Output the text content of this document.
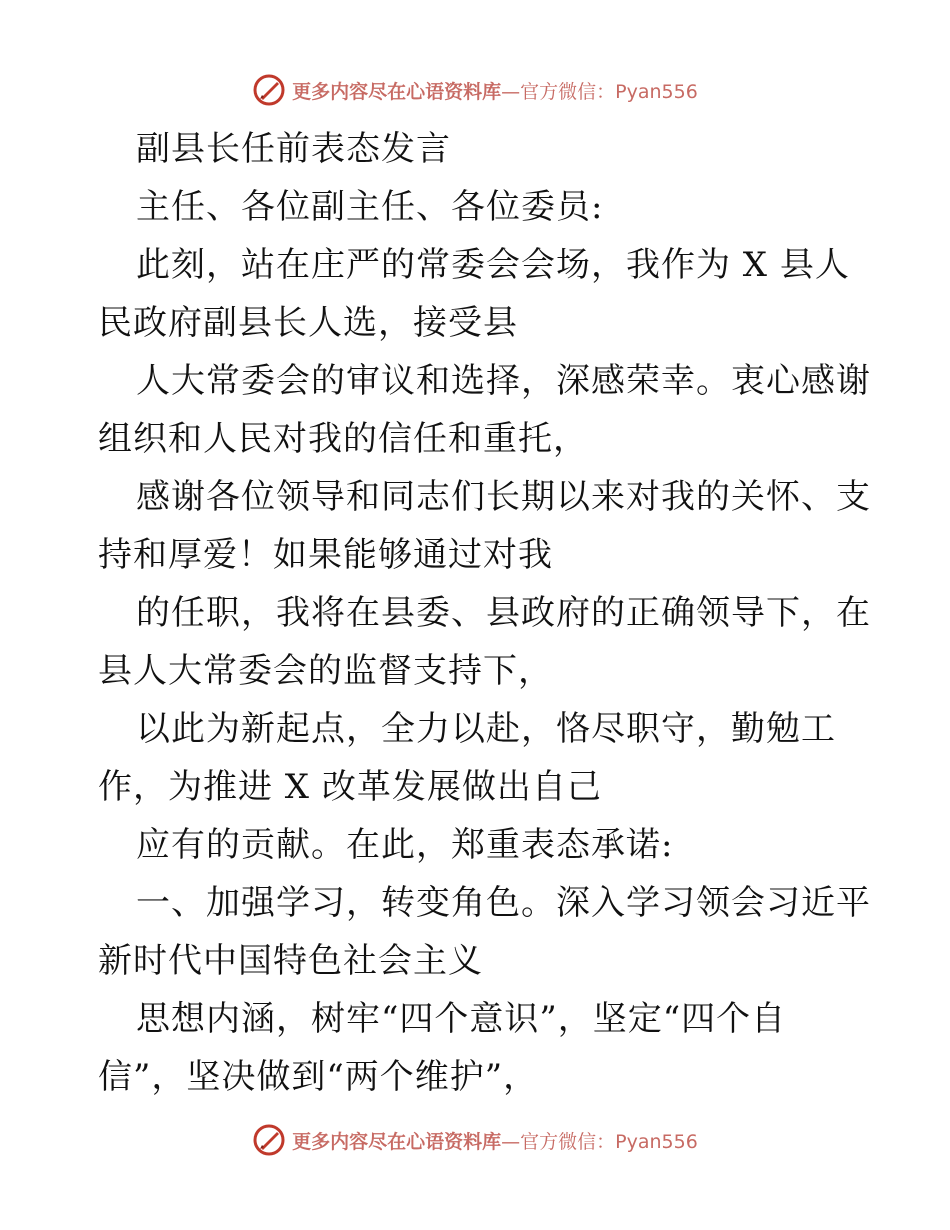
更多内容尽在心语资料库 —官方微信：Pyan556
副县长任前表态发言
主任、各位副主任、各位委员:
此刻，站在庄严的常委会会场，我作为 X 县人
民政府副县长人选，接受县
人大常委会的审议和选择，深感荣幸。衷心感谢
组织和人民对我的信任和重托，
感谢各位领导和同志们长期以来对我的关怀、支
持和厚爱！如果能够通过对我
的任职，我将在县委、县政府的正确领导下，在
县人大常委会的监督支持下，
以此为新起点，全力以赴，恪尽职守，勤勉工
作，为推进 X 改革发展做出自己
应有的贡献。在此，郑重表态承诺:
一、加强学习，转变角色。深入学习领会习近平
新时代中国特色社会主义
思想内涵，树牢“四个意识”，坚定“四个自
信”，坚决做到“两个维护”，
更多内容尽在心语资料库 —官方微信：Pyan556
